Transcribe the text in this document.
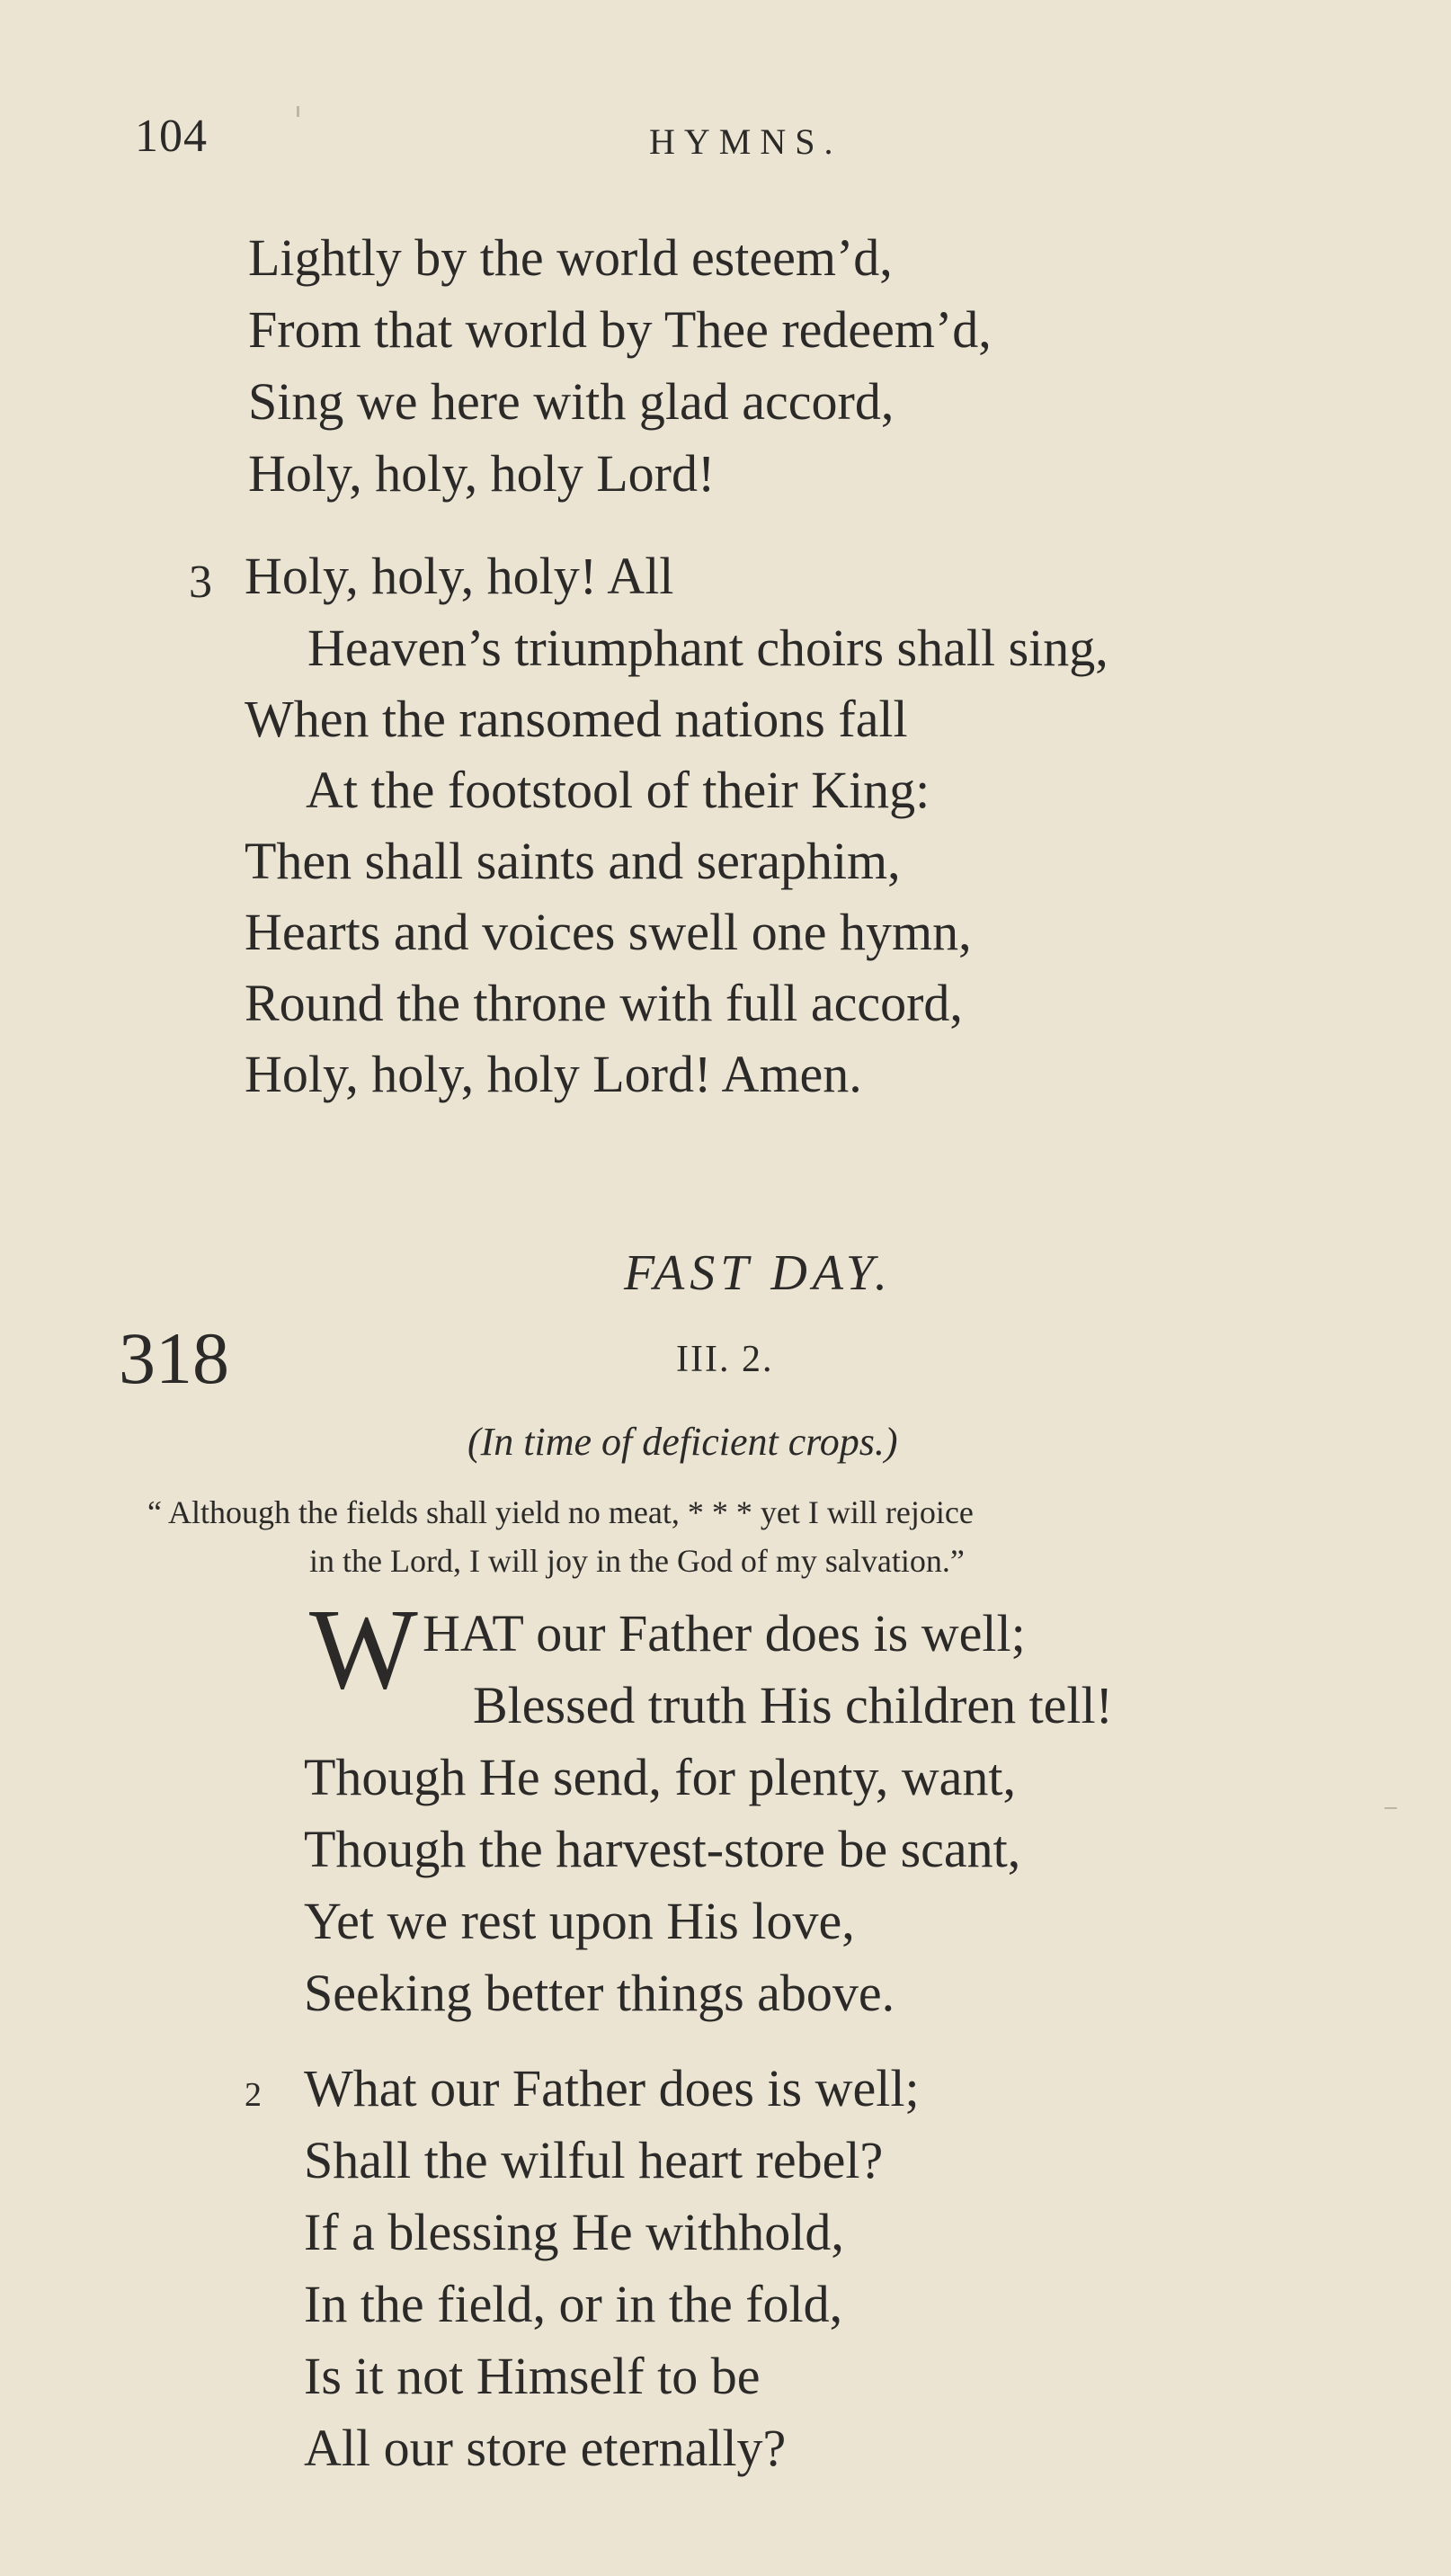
104	HYMNS.
Lightly by the world esteem’d,
From that world by Thee redeem’d,
Sing we here with glad accord,
Holy, holy, holy Lord!
3 Holy, holy, holy! All
Heaven’s triumphant choirs shall sing,
When the ransomed nations fall
At the footstool of their King:
Then shall saints and seraphim,
Hearts and voices swell one hymn,
Round the throne with full accord,
Holy, holy, holy Lord! Amen.
FAST DAY.
318	III. 2.
(In time of deficient crops.)
“ Although the fields shall yield no meat, * * * yet I will rejoice
in the Lord, I will joy in the God of my salvation.”
W HAT our Father does is well;
Blessed truth His children tell!
Though He send, for plenty, want,
Though the harvest-store be scant,
Yet we rest upon His love,
Seeking better things above.
2 What our Father does is well;
Shall the wilful heart rebel?
If a blessing He withhold,
In the field, or in the fold,
Is it not Himself to be
All our store eternally?
